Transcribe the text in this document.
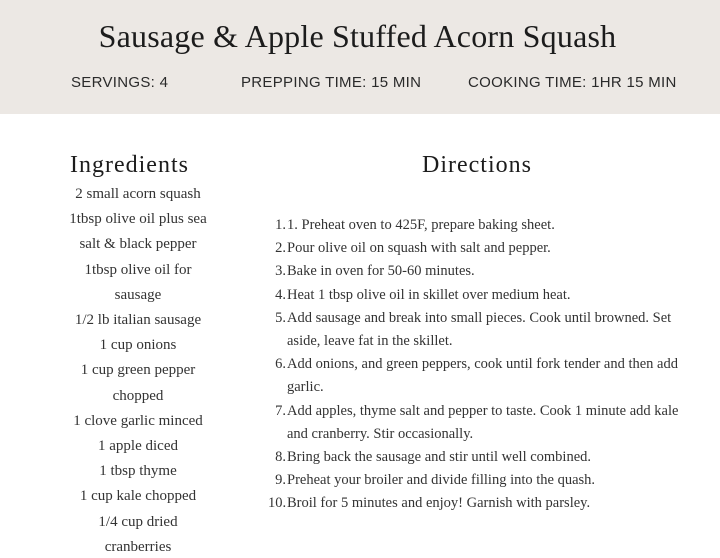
Sausage & Apple Stuffed Acorn Squash
SERVINGS: 4	PREPPING TIME: 15 MIN	COOKING TIME: 1HR 15 MIN
Ingredients
2 small acorn squash
1tbsp olive oil plus sea
salt & black pepper
1tbsp olive oil for
sausage
1/2 lb italian sausage
1 cup onions
1 cup green pepper
chopped
1 clove garlic minced
1 apple diced
1 tbsp thyme
1 cup kale chopped
1/4 cup dried
cranberries
Directions
1. 1. Preheat oven to 425F, prepare baking sheet.
2. Pour olive oil on squash with salt and pepper.
3. Bake in oven for 50-60 minutes.
4. Heat 1 tbsp olive oil in skillet over medium heat.
5. Add sausage and break into small pieces. Cook until browned. Set aside, leave fat in the skillet.
6. Add onions, and green peppers, cook until fork tender and then add garlic.
7. Add apples, thyme salt and pepper to taste. Cook 1 minute add kale and cranberry. Stir occasionally.
8. Bring back the sausage and stir until well combined.
9. Preheat your broiler and divide filling into the quash.
10. Broil for 5 minutes and enjoy! Garnish with parsley.
